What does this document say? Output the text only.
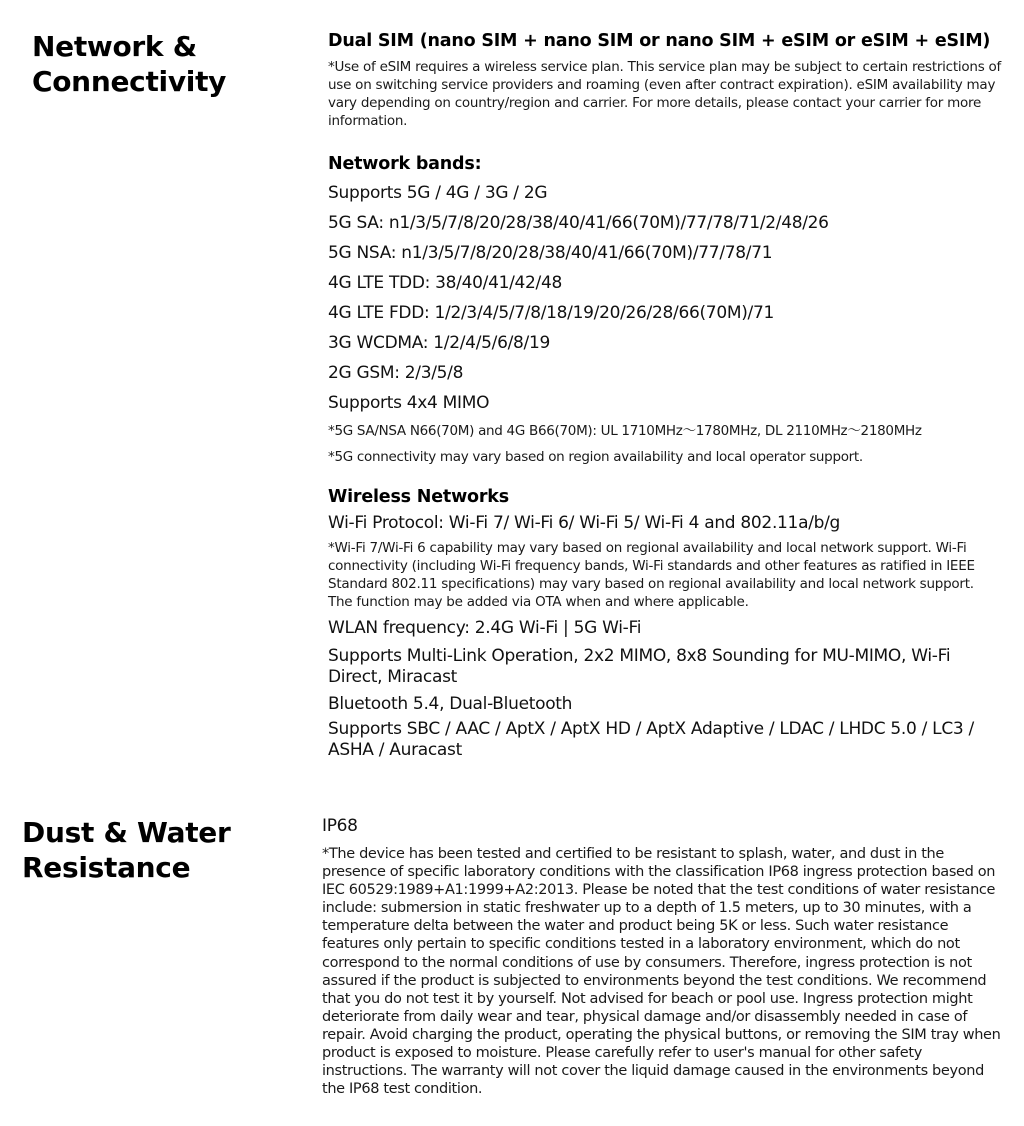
Network &
Connectivity

Dual SIM (nano SIM + nano SIM or nano SIM + eSIM or eSIM + eSIM)

*Use of eSIM requires a wireless service plan. This service plan may be subject to certain restrictions of use on switching service providers and roaming (even after contract expiration). eSIM availability may vary depending on country/region and carrier. For more details, please contact your carrier for more information.

Network bands:

Supports 5G / 4G / 3G / 2G

5G SA: n1/3/5/7/8/20/28/38/40/41/66(70M)/77/78/71/2/48/26

5G NSA: n1/3/5/7/8/20/28/38/40/41/66(70M)/77/78/71

4G LTE TDD: 38/40/41/42/48

4G LTE FDD: 1/2/3/4/5/7/8/18/19/20/26/28/66(70M)/71

3G WCDMA: 1/2/4/5/6/8/19

2G GSM: 2/3/5/8

Supports 4x4 MIMO

*5G SA/NSA N66(70M) and 4G B66(70M): UL 1710MHz～1780MHz, DL 2110MHz～2180MHz

*5G connectivity may vary based on region availability and local operator support.

Wireless Networks

Wi-Fi Protocol: Wi-Fi 7/ Wi-Fi 6/ Wi-Fi 5/ Wi-Fi 4 and 802.11a/b/g

*Wi-Fi 7/Wi-Fi 6 capability may vary based on regional availability and local network support. Wi-Fi connectivity (including Wi-Fi frequency bands, Wi-Fi standards and other features as ratified in IEEE Standard 802.11 specifications) may vary based on regional availability and local network support.

The function may be added via OTA when and where applicable.

WLAN frequency: 2.4G Wi-Fi | 5G Wi-Fi

Supports Multi-Link Operation, 2x2 MIMO, 8x8 Sounding for MU-MIMO, Wi-Fi Direct, Miracast

Bluetooth 5.4, Dual-Bluetooth

Supports SBC / AAC / AptX / AptX HD / AptX Adaptive / LDAC / LHDC 5.0 / LC3 / ASHA / Auracast

Dust & Water
Resistance

IP68

*The device has been tested and certified to be resistant to splash, water, and dust in the presence of specific laboratory conditions with the classification IP68 ingress protection based on IEC 60529:1989+A1:1999+A2:2013. Please be noted that the test conditions of water resistance include: submersion in static freshwater up to a depth of 1.5 meters, up to 30 minutes, with a temperature delta between the water and product being 5K or less. Such water resistance features only pertain to specific conditions tested in a laboratory environment, which do not correspond to the normal conditions of use by consumers. Therefore, ingress protection is not assured if the product is subjected to environments beyond the test conditions. We recommend that you do not test it by yourself. Not advised for beach or pool use. Ingress protection might deteriorate from daily wear and tear, physical damage and/or disassembly needed in case of repair. Avoid charging the product, operating the physical buttons, or removing the SIM tray when product is exposed to moisture. Please carefully refer to user's manual for other safety instructions. The warranty will not cover the liquid damage caused in the environments beyond the IP68 test condition.
